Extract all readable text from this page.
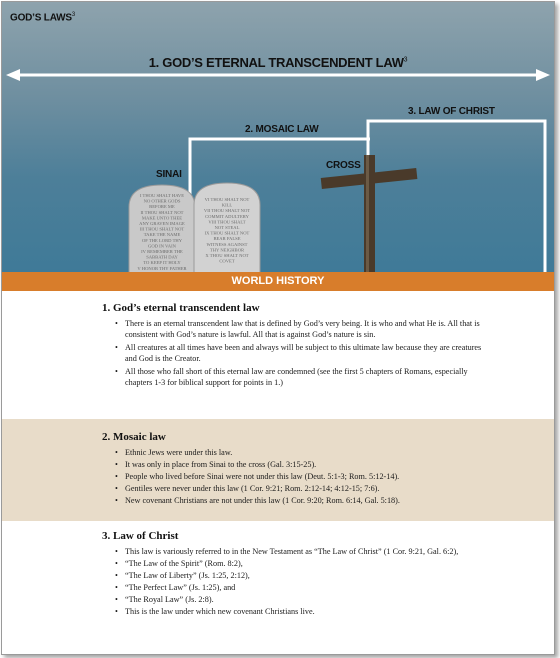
GOD’S LAWS$^3$
I THOU SHALT HAVE
NO OTHER GODS
BEFORE ME
II THOU SHALT NOT
MAKE UNTO THEE
ANY GRAVEN IMAGE
III THOU SHALT NOT
TAKE THE NAME
OF THE LORD THY
GOD IN VAIN
IV REMEMBER THE
SABBATH DAY
TO KEEP IT HOLY
V HONOR THY FATHER
VI THOU SHALT NOT
KILL
VII THOU SHALT NOT
COMMIT ADULTERY
VIII THOU SHALT
NOT STEAL
IX THOU SHALT NOT
BEAR FALSE
WITNESS AGAINST
THY NEIGHBOR
X THOU SHALT NOT
COVET
1. GOD’S ETERNAL TRANSCENDENT LAW$^3$
2. MOSAIC LAW
3. LAW OF CHRIST
SINAI
CROSS
WORLD HISTORY
1. God’s eternal transcendent law
• There is an eternal transcendent law that is defined by God’s very being. It is who and what He is. All that is consistent with God’s nature is lawful. All that is against God’s nature is sin.
• All creatures at all times have been and always will be subject to this ultimate law because they are creatures and God is the Creator.
• All those who fall short of this eternal law are condemned (see the first 5 chapters of Romans, especially chapters 1-3 for biblical support for points in 1.)
2. Mosaic law
• Ethnic Jews were under this law.
• It was only in place from Sinai to the cross (Gal. 3:15-25).
• People who lived before Sinai were not under this law (Deut. 5:1-3; Rom. 5:12-14).
• Gentiles were never under this law (1 Cor. 9:21; Rom. 2:12-14; 4:12-15; 7:6).
• New covenant Christians are not under this law (1 Cor. 9:20; Rom. 6:14, Gal. 5:18).
3. Law of Christ
• This law is variously referred to in the New Testament as “The Law of Christ” (1 Cor. 9:21, Gal. 6:2),
• “The Law of the Spirit” (Rom. 8:2),
• “The Law of Liberty” (Js. 1:25, 2:12),
• “The Perfect Law” (Js. 1:25), and
• “The Royal Law” (Js. 2:8).
• This is the law under which new covenant Christians live.
